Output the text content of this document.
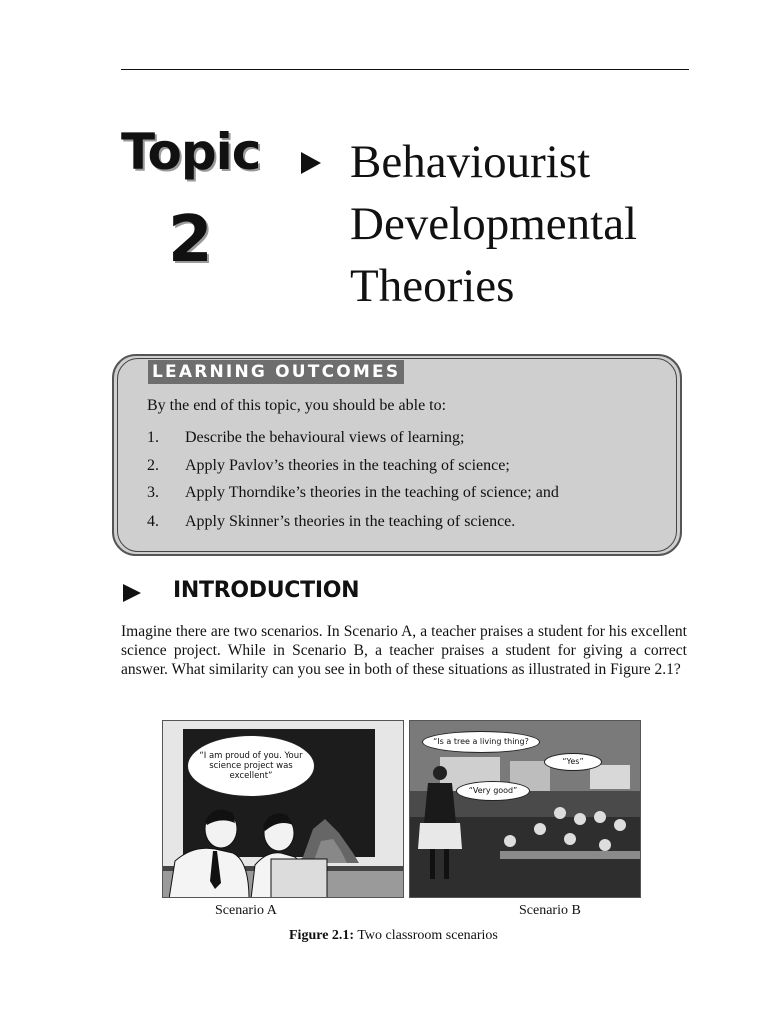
Topic
2
Behaviourist
Developmental
Theories
LEARNING OUTCOMES
By the end of this topic, you should be able to:
1. Describe the behavioural views of learning;
2. Apply Pavlov’s theories in the teaching of science;
3. Apply Thorndike’s theories in the teaching of science; and
4. Apply Skinner’s theories in the teaching of science.
INTRODUCTION
Imagine there are two scenarios. In Scenario A, a teacher praises a student for his excellent science project. While in Scenario B, a teacher praises a student for giving a correct answer. What similarity can you see in both of these situations as illustrated in Figure 2.1?
“I am proud of you. Your science project was excellent”
“Is a tree a living thing?
“Yes”
“Very good”
Scenario A	Scenario B
Figure 2.1: Two classroom scenarios
